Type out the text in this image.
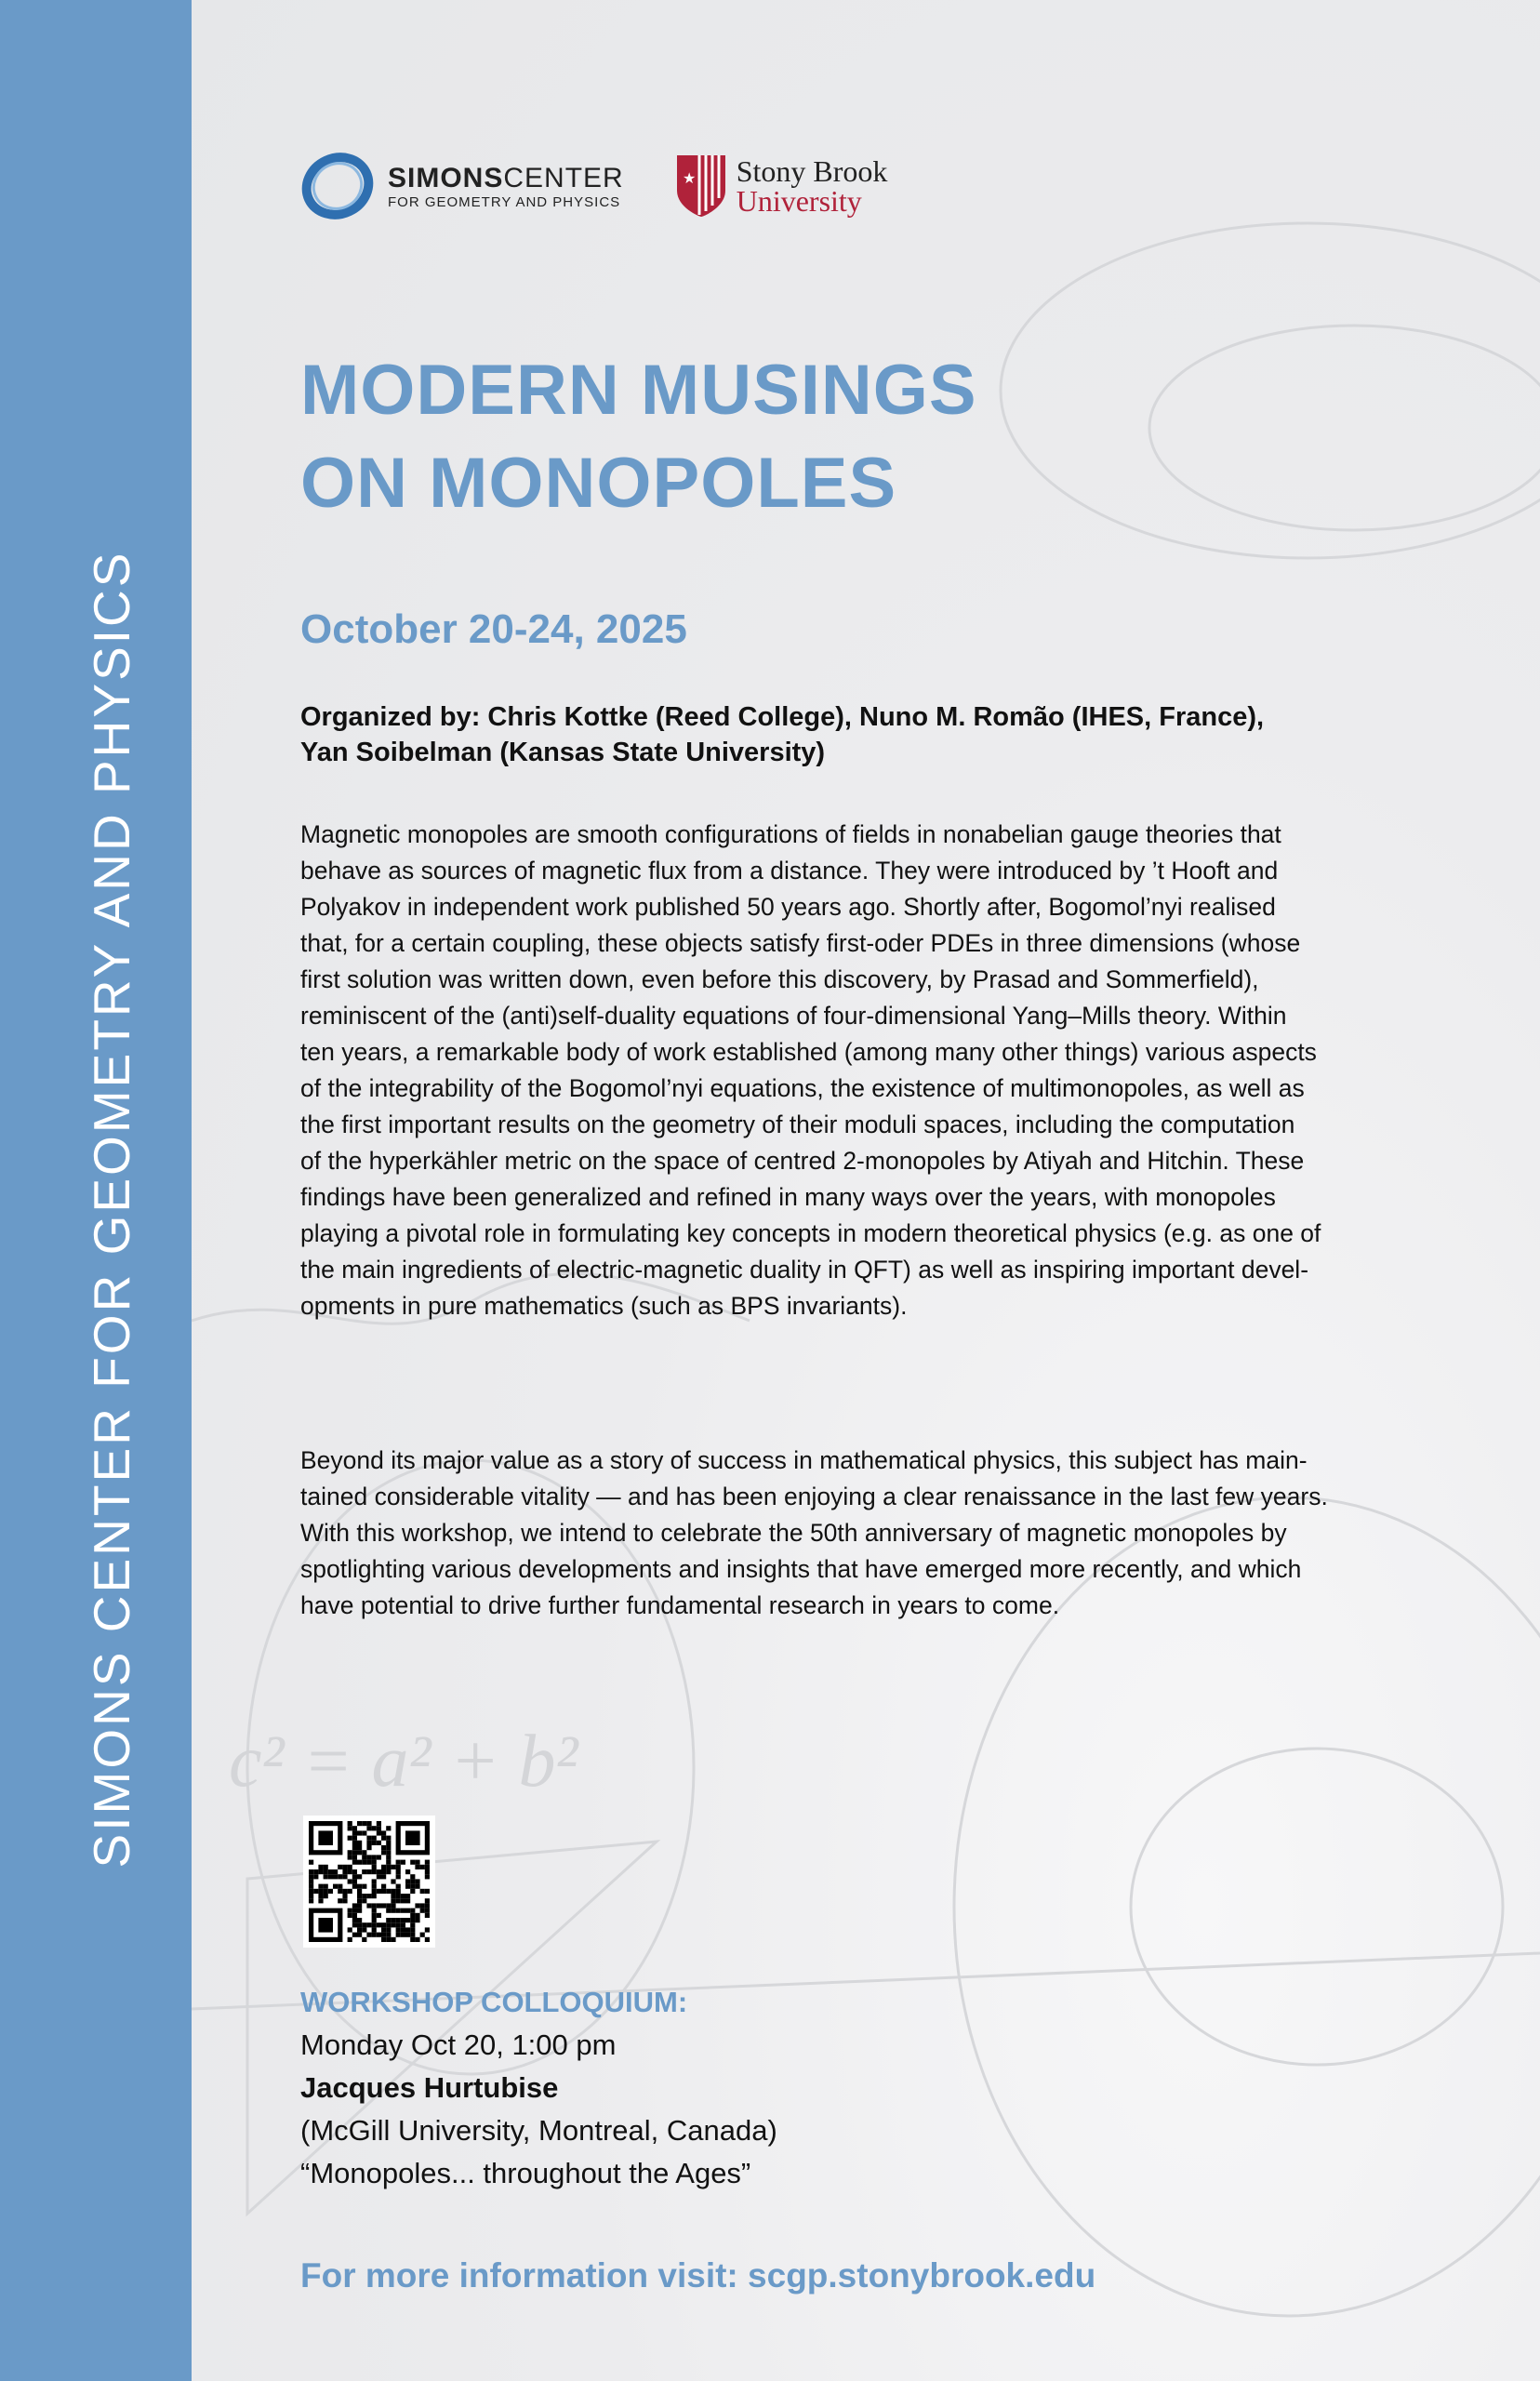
c² = a² + b²
SIMONS CENTER FOR GEOMETRY AND PHYSICS
SIMONSCENTER
FOR GEOMETRY AND PHYSICS
★ Stony Brook
University
MODERN MUSINGS
ON MONOPOLES
October 20-24, 2025
Organized by: Chris Kottke (Reed College), Nuno M. Romão (IHES, France),
Yan Soibelman (Kansas State University)
Magnetic monopoles are smooth configurations of fields in nonabelian gauge theories that
behave as sources of magnetic flux from a distance. They were introduced by ’t Hooft and
Polyakov in independent work published 50 years ago. Shortly after, Bogomol’nyi realised
that, for a certain coupling, these objects satisfy first-oder PDEs in three dimensions (whose
first solution was written down, even before this discovery, by Prasad and Sommerfield),
reminiscent of the (anti)self-duality equations of four-dimensional Yang–Mills theory. Within
ten years, a remarkable body of work established (among many other things) various aspects
of the integrability of the Bogomol’nyi equations, the existence of multimonopoles, as well as
the first important results on the geometry of their moduli spaces, including the computation
of the hyperkähler metric on the space of centred 2-monopoles by Atiyah and Hitchin. These
findings have been generalized and refined in many ways over the years, with monopoles
playing a pivotal role in formulating key concepts in modern theoretical physics (e.g. as one of
the main ingredients of electric-magnetic duality in QFT) as well as inspiring important devel-
opments in pure mathematics (such as BPS invariants).
Beyond its major value as a story of success in mathematical physics, this subject has main-
tained considerable vitality — and has been enjoying a clear renaissance in the last few years.
With this workshop, we intend to celebrate the 50th anniversary of magnetic monopoles by
spotlighting various developments and insights that have emerged more recently, and which
have potential to drive further fundamental research in years to come.
WORKSHOP COLLOQUIUM:
Monday Oct 20, 1:00 pm
Jacques Hurtubise
(McGill University, Montreal, Canada)
“Monopoles... throughout the Ages”
For more information visit: scgp.stonybrook.edu
